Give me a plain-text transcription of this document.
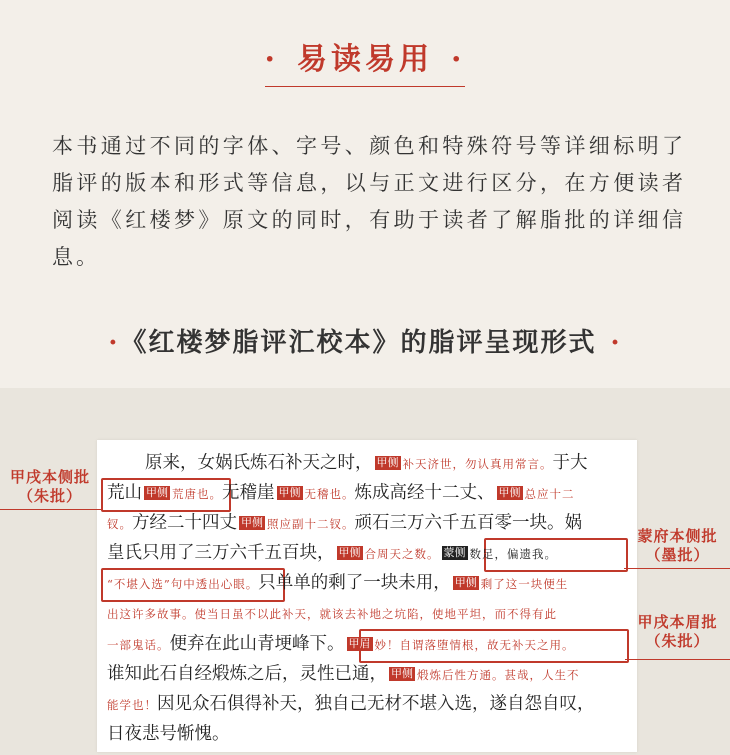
· 易读易用 ·
本书通过不同的字体、字号、颜色和特殊符号等详细标明了脂评的版本和形式等信息，以与正文进行区分，在方便读者阅读《红楼梦》原文的同时，有助于读者了解脂批的详细信息。
· 《红楼梦脂评汇校本》的脂评呈现形式 ·
甲戌本侧批
（朱批）
蒙府本侧批
（墨批）
甲戌本眉批
（朱批）
原来，女娲氏炼石补天之时， 甲侧 补天济世，勿认真用常言。于大
荒山 甲侧 荒唐也。无稽崖 甲侧 无稽也。炼成高经十二丈、 甲侧 总应十二
钗。方经二十四丈 甲侧 照应副十二钗。顽石三万六千五百零一块。娲
皇氏只用了三万六千五百块， 甲侧 合周天之数。 蒙侧 数足，偏遗我。
“不堪入选”句中透出心眼。只单单的剩了一块未用， 甲侧 剩了这一块便生
出这许多故事。使当日虽不以此补天，就该去补地之坑陷，使地平坦，而不得有此
一部鬼话。便弃在此山青埂峰下。 甲眉 妙！自谓落堕情根，故无补天之用。
谁知此石自经煅炼之后，灵性已通， 甲侧 煅炼后性方通。甚哉，人生不
能学也！因见众石俱得补天，独自己无材不堪入选，遂自怨自叹，
日夜悲号惭愧。
